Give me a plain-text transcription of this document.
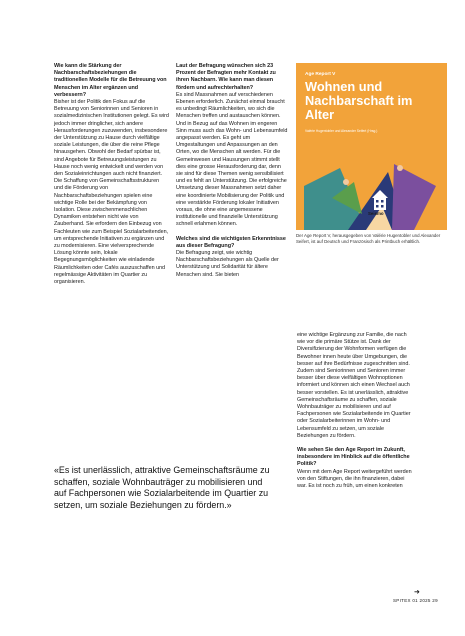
Wie kann die Stärkung der Nachbarschaftsbeziehungen die traditionellen Modelle für die Betreuung von Menschen im Alter ergänzen und verbessern?

Bisher ist der Politik den Fokus auf die Betreuung von Seniorinnen und Senioren in sozialmedizinischen Institutionen gelegt. Es wird jedoch immer dringlicher, sich andere Herausforderungen zuzuwenden, insbesondere der Unterstützung zu Hause durch vielfältige soziale Leistungen, die über die reine Pflege hinausgehen. Obwohl der Bedarf spürbar ist, sind Angebote für Betreuungsleistungen zu Hause noch wenig entwickelt und werden von den Sozialeinrichtungen auch nicht finanziert. Die Schaffung von Gemeinschaftsstrukturen und die Förderung von Nachbarschaftsbeziehungen spielen eine wichtige Rolle bei der Bekämpfung von Isolation. Diese zwischenmenschlichen Dynamiken entstehen nicht wie von Zauberhand. Sie erfordern den Einbezug von Fachleuten wie zum Beispiel Sozialarbeitenden, um entsprechende Initiativen zu ergänzen und zu modernisieren. Eine vielversprechende Lösung könnte sein, lokale Begegnungsmöglichkeiten wie einladende Räumlichkeiten oder Cafés auszuschaffen und regelmässige Aktivitäten im Quartier zu organisieren.

Laut der Befragung wünschen sich 23 Prozent der Befragten mehr Kontakt zu ihren Nachbarn. Wie kann man diesen fördern und aufrechterhalten?

Es sind Massnahmen auf verschiedenen Ebenen erforderlich. Zunächst einmal braucht es unbedingt Räumlichkeiten, wo sich die Menschen treffen und austauschen können. Und in Bezug auf das Wohnen im engeren Sinn muss auch das Wohn- und Lebensumfeld angepasst werden. Es geht um Umgestaltungen und Anpassungen an den Orten, wo die Menschen alt werden. Für die Gemeinwesen und Hausungen stimmt stellt dies eine grosse Herausforderung dar, denn sie sind für diese Themen wenig sensibilisiert und es fehlt an Unterstützung. Die erfolgreiche Umsetzung dieser Massnahmen setzt daher eine koordinierte Mobilisierung der Politik und eine verstärkte Förderung lokaler Initiativen voraus, die ohne eine angemessene institutionelle und finanzielle Unterstützung schnell erlahmen können.

Welches sind die wichtigsten Erkenntnisse aus dieser Befragung?

Die Befragung zeigt, wie wichtig Nachbarschaftsbeziehungen als Quelle der Unterstützung und Solidarität für ältere Menschen sind. Sie bieten

Age Report V
Wohnen und Nachbarschaft im Alter
Valérie Hugentobler und Alexander Seifert (Hrsg.)
Seismo
Der Age Report V, herausgegeben von Valérie Hugentobler und Alexander Seifert, ist auf Deutsch und Französisch als Printbuch erhältlich.

eine wichtige Ergänzung zur Familie, die nach wie vor die primäre Stütze ist. Dank der Diversifizierung der Wohnformen verfügen die Bewohner innen heute über Umgebungen, die besser auf ihre Bedürfnisse zugeschnitten sind. Zudem sind Seniorinnen und Senioren immer besser über diese vielfältigen Wohnoptionen informiert und können sich einen Wechsel auch besser vorstellen. Es ist unerlässlich, attraktive Gemeinschaftsräume zu schaffen, soziale Wohnbauträger zu mobilisieren und auf Fachpersonen wie Sozialarbeitende im Quartier oder Sozialarbeiterinnen im Wohn- und Lebensumfeld zu setzen, um soziale Beziehungen zu fördern.

Wie sehen Sie den Age Report im Zukunft, insbesondere im Hinblick auf die öffentliche Politik?

Wenn mit dem Age Report weitergeführt werden von den Stiftungen, die ihn finanzieren, dabei war. Es ist noch zu früh, um einen konkreten

«Es ist unerlässlich, attraktive Gemeinschaftsräume zu schaffen, soziale Wohnbauträger zu mobilisieren und auf Fachpersonen wie Sozialarbeitende im Quartier zu setzen, um soziale Beziehungen zu fördern.»
➜
SPITEX 01 2025 29
